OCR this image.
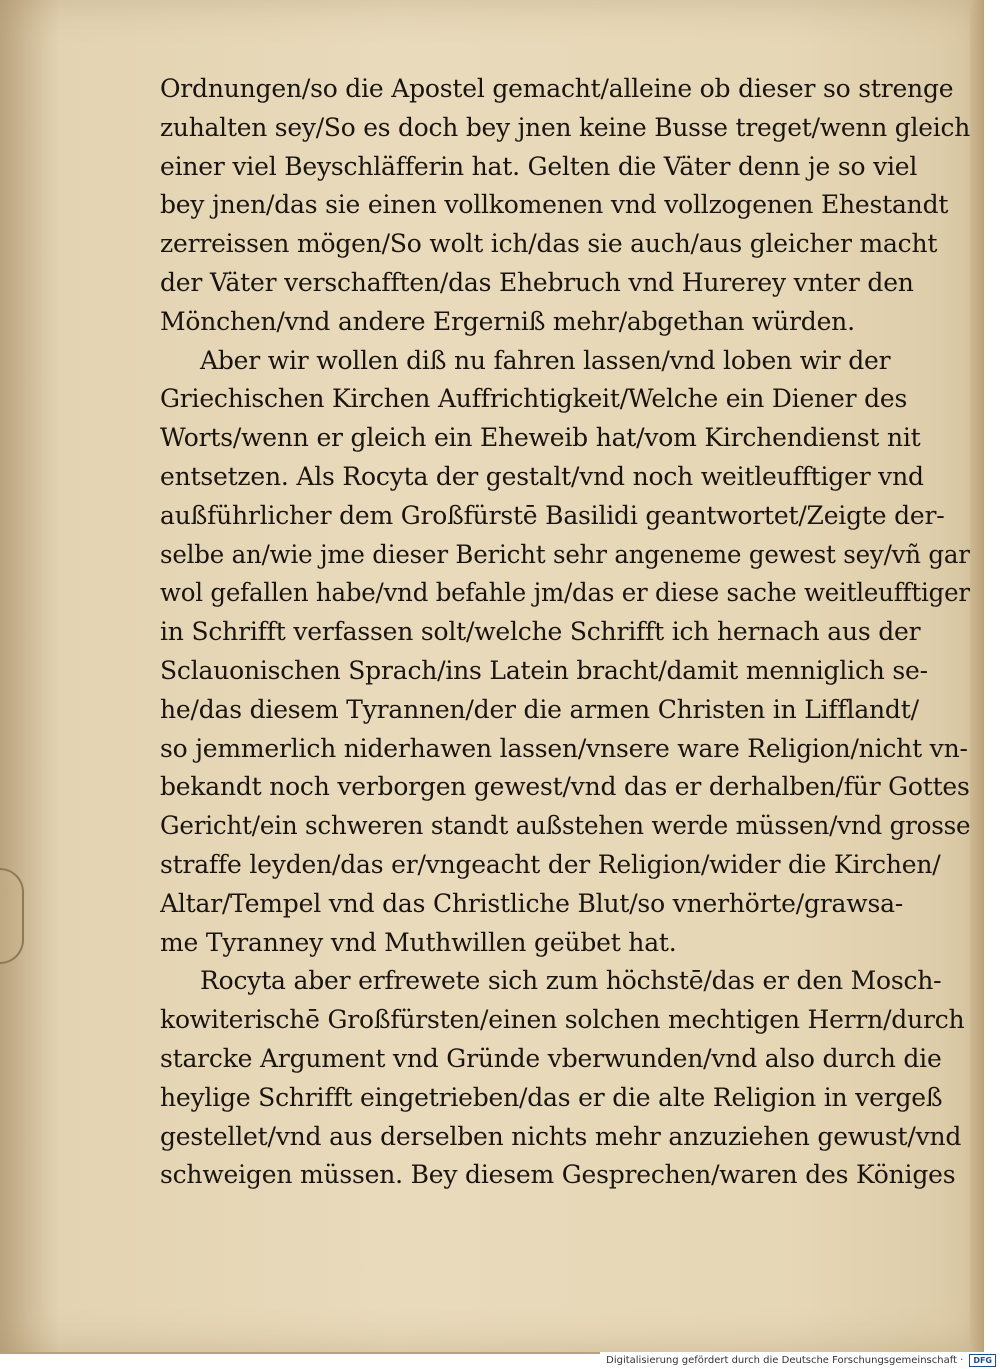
Ordnungen/so die Apostel gemacht/alleine ob dieser so strenge
zuhalten sey/So es doch bey jnen keine Busse treget/wenn gleich
einer viel Beyschläfferin hat. Gelten die Väter denn je so viel
bey jnen/das sie einen vollkomenen vnd vollzogenen Ehestandt
zerreissen mögen/So wolt ich/das sie auch/aus gleicher macht
der Väter verschafften/das Ehebruch vnd Hurerey vnter den
Mönchen/vnd andere Ergerniß mehr/abgethan würden.
Aber wir wollen diß nu fahren lassen/vnd loben wir der
Griechischen Kirchen Auffrichtigkeit/Welche ein Diener des
Worts/wenn er gleich ein Eheweib hat/vom Kirchendienst nit
entsetzen. Als Rocyta der gestalt/vnd noch weitleufftiger vnd
außführlicher dem Großfürstē Basilidi geantwortet/Zeigte der-
selbe an/wie jme dieser Bericht sehr angeneme gewest sey/vñ gar
wol gefallen habe/vnd befahle jm/das er diese sache weitleufftiger
in Schrifft verfassen solt/welche Schrifft ich hernach aus der
Sclauonischen Sprach/ins Latein bracht/damit menniglich se-
he/das diesem Tyrannen/der die armen Christen in Lifflandt/
so jemmerlich niderhawen lassen/vnsere ware Religion/nicht vn-
bekandt noch verborgen gewest/vnd das er derhalben/für Gottes
Gericht/ein schweren standt außstehen werde müssen/vnd grosse
straffe leyden/das er/vngeacht der Religion/wider die Kirchen/
Altar/Tempel vnd das Christliche Blut/so vnerhörte/grawsa-
me Tyranney vnd Muthwillen geübet hat.
Rocyta aber erfrewete sich zum höchstē/das er den Mosch-
kowiterischē Großfürsten/einen solchen mechtigen Herrn/durch
starcke Argument vnd Gründe vberwunden/vnd also durch die
heylige Schrifft eingetrieben/das er die alte Religion in vergeß
gestellet/vnd aus derselben nichts mehr anzuziehen gewust/vnd
schweigen müssen. Bey diesem Gesprechen/waren des Königes
Digitalisierung gefördert durch die Deutsche Forschungsgemeinschaft ·	DFG
